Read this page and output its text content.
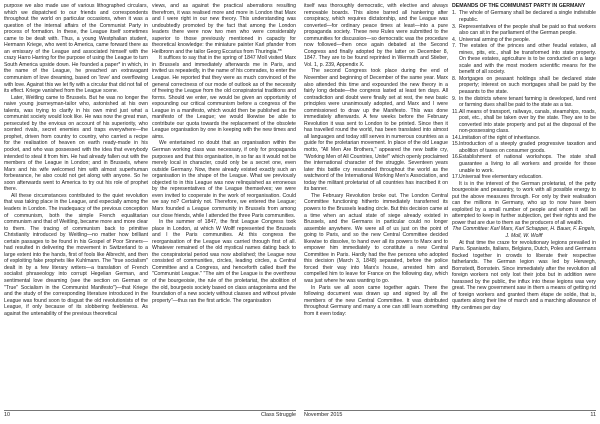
purpose we also made use of various lithographed circulars, which we dispatched to our friends and correspondents throughout the world on particular occasions, when it was a question of the internal affairs of the Communist Party in process of formation. In these, the League itself sometimes came to be dealt with. Thus, a young Westphalian student, Hermann Kriege, who went to America, came forward there as an emissary of the League and associated himself with the crazy Harro Harring for the purpose of using the League to turn South America upside down. He founded a paper* in which, in the name of the League, he preached an extravagant communism of love dreaming, based on 'love' and overflowing with love. Against this we let fly with a circular that did not fail of its effect. Kriege vanished from the League scene.

Later, Weitling came to Brussels. But he was no longer the naive young journeyman-tailor who, astonished at his own talents, was trying to clarify in his own mind just what a communist society would look like. He was now the great man, persecuted by the envious on account of his superiority, who scented rivals, secret enemies and traps everywhere—the prophet, driven from country to country, who carried a recipe for the realisation of heaven on earth ready-made in his pocket, and who was possessed with the idea that everybody intended to steal it from him. He had already fallen out with the members of the League in London; and in Brussels, where Marx and his wife welcomed him with almost superhuman forbearance, he also could not get along with anyone. So he soon afterwards went to America to try out his role of prophet there.

All these circumstances contributed to the quiet revolution that was taking place in the League, and especially among the leaders in London. The inadequacy of the previous conception of communism, both the simple French equalitarian communism and that of Weitling, became more and more clear to them. The tracing of communism back to primitive Christianity introduced by Weitling—no matter how brilliant certain passages to be found in his Gospel of Poor Sinners—had resulted in delivering the movement in Switzerland to a large extent into the hands, first of fools like Albrecht, and then of exploiting fake prophets like Kuhlmann. The "true socialism" dealt in by a few literary writers—a translation of French socialist phraseology into corrupt Hegelian German, and sentimental love dreaming (see the section on German or "True" Socialism in the Communist Manifesto")—that Kriege and the study of the corresponding literature introduced in the League was found soon to disgust the old revolutionists of the League, if only because of its slobbering feebleness. As against the untenability of the previous theoretical

views, and as against the practical aberrations resulting therefrom, it was realised more and more in London that Marx and I were right in our new theory. This understanding was undoubtedly promoted by the fact that among the London leaders there were now two men who were considerably superior to those previously mentioned in capacity for theoretical knowledge: the miniature painter Karl pfander from Heilbronn and the tailor Georg Eccarius from Thuringia.**

It suffices to say that in the spring of 1847 Moll visited Marx in Brussels and immediately afterwards me in Paris, and invited us repeatedly, in the name of his comrades, to enter the League. He reported that they were as much convinced of the general correctness of our mode of outlook as of the necessity of freeing the League from the old conspiratorial traditions and forms. Should we enter, we would be given an opportunity of expounding our critical communism before a congress of the League in a manifesto, which would then be published as the manifesto of the League; we would likewise be able to contribute our quota towards the replacement of the obsolete League organisation by one in keeping with the new times and aims.

We entertained no doubt that an organisation within the German working class was necessary, if only for propaganda purposes and that this organisation, in so far as it would not be merely local in character, could only be a secret one, even outside Germany. Now, there already existed exactly such an organisation in the shape of the League. What we previously objected to in this League was now relinquished as erroneous by the representatives of the League themselves; we were even invited to cooperate in the work of reorganisation. Could we say no? Certainly not. Therefore, we entered the League; Marx founded a League community in Brussels from among our close friends, while I attended the three Paris communities.

In the summer of 1847, the first League Congress took place in London, at which W Wolff represented the Brussels and I the Paris communities. At this congress the reorganisation of the League was carried through first of all. Whatever remained of the old mystical names dating back to the conspiratorial period was now abolished; the League now consisted of communities, circles, leading circles, a Central Committee and a Congress, and henceforth called itself the "Communist League." "The aim of the League is the overthrow of the bourgeoisie, the rule of the proletariat, the abolition of the old, bourgeois society based on class antagonisms and the foundation of a new society without classes and without private property"—thus ran the first article. The organisation

itself was thoroughly democratic, with elective and always removable boards. This alone barred all hankering after conspiracy, which requires dictatorship, and the League was converted—for ordinary peace times at least—into a pure propaganda society. These new Rules were submitted to the communities for discussion—so democratic was the procedure now followed—then once again debated at the Second Congress and finally adopted by the latter on December 8, 1847. They are to be found reprinted in Wermuth and Stieber, Vol. 1, p. 239, Appendix X.

The second Congress took place during the end of November and beginning of December of the same year. Marx also attended this time and expounded the new theory in a fairly long debate—the congress lasted at least ten days. All contradiction and doubt were finally set at rest, the new basic principles were unanimously adopted, and Marx and I were commissioned to draw up the Manifesto. This was done immediately afterwards. A few weeks before the February Revolution it was sent to London to be printed. Since then it has travelled round the world, has been translated into almost all languages and today still serves in numerous countries as a guide for the proletarian movement. In place of the old League motto, "All Men Are Brothers," appeared the new battle cry, "Working Men of All Countries, Unite!" which openly proclaimed the international character of the struggle. Seventeen years later this battle cry resounded throughout the world as the watchword of the International Working Men's Association, and today the militant proletariat of all countries has inscribed it on its banner.

The February Revolution broke out. The London Central Committee functioning hitherto immediately transferred its powers to the Brussels leading circle. But this decision came at a time when an actual state of siege already existed in Brussels, and the Germans in particular could no longer assemble anywhere. We were all of us just on the point of going to Paris, and so the new Central Committee decided likewise to dissolve, to hand over all its powers to Marx and to empower him immediately to constitute a new Central Committee in Paris. Hardly had the five persons who adopted this decision (March 3, 1848) separated, before the police forced their way into Marx's house, arrested him and compelled him to leave for France on the following day, which was just where he was wanting to go.

In Paris we all soon came together again. There the following document was drawn up and signed by all the members of the new Central Committee. It was distributed throughout Germany and many a one can still learn something from it even today:

DEMANDS OF THE COMMUNIST PARTY IN GERMANY
1. The whole of Germany shall be declared a single indivisible republic.
3. Representatives of the people shall be paid so that workers also can sit in the parliament of the German people.
4. Universal arming of the people.
7. The estates of the princes and other feudal estates, all mines, pits, etc., shall be transformed into state property. On these estates, agriculture is to be conducted on a large scale and with the most modern scientific means for the benefit of all society.
8. Mortgages on peasant holdings shall be declared state property; interest on such mortgages shall be paid by the peasants to the state.
9. In the districts where tenant farming is developed, land rent or farming dues shall be paid to the state as a tax.
11. All means of transport, railways, canals, steamships, roads, post, etc., shall be taken over by the state. They are to be converted into state property and put at the disposal of the non-possessing class.
14. Limitation of the right of inheritance.
15. Introduction of a steeply graded progressive taxation and abolition of taxes on consumer goods.
16. Establishment of national workshops. The state shall guarantee a living to all workers and provide for those unable to work.
17. Universal free elementary education.

It is in the interest of the German proletariat, of the petty bourgeoisie and peasantry, to work with all possible energy to put the above measures through. For only by their realisation can the millions in Germany, who up to now have been exploited by a small number of people and whom it will be attempted to keep in further subjection, get their rights and the power that are due to them as the producers of all wealth.

The Committee: Karl Marx, Karl Schapper, H. Bauer, F. Engels, J. Moll, W. Wolff

At that time the craze for revolutionary legions prevailed in Paris. Spaniards, Italians, Belgians, Dutch, Poles and Germans flocked together in crowds to liberate their respective fatherlands. The German legion was led by Herwegh, Bornstedt, Bornstein. Since immediately after the revolution all foreign workers not only lost their jobs but in addition were harassed by the public, the influx into these legions was very great. The new government saw in them a means of getting rid of foreign workers and granted them étape de solde, that is, quarters along their line of march and a marching allowance of fifty centimes per day

10	Class Struggle November 2015	11
